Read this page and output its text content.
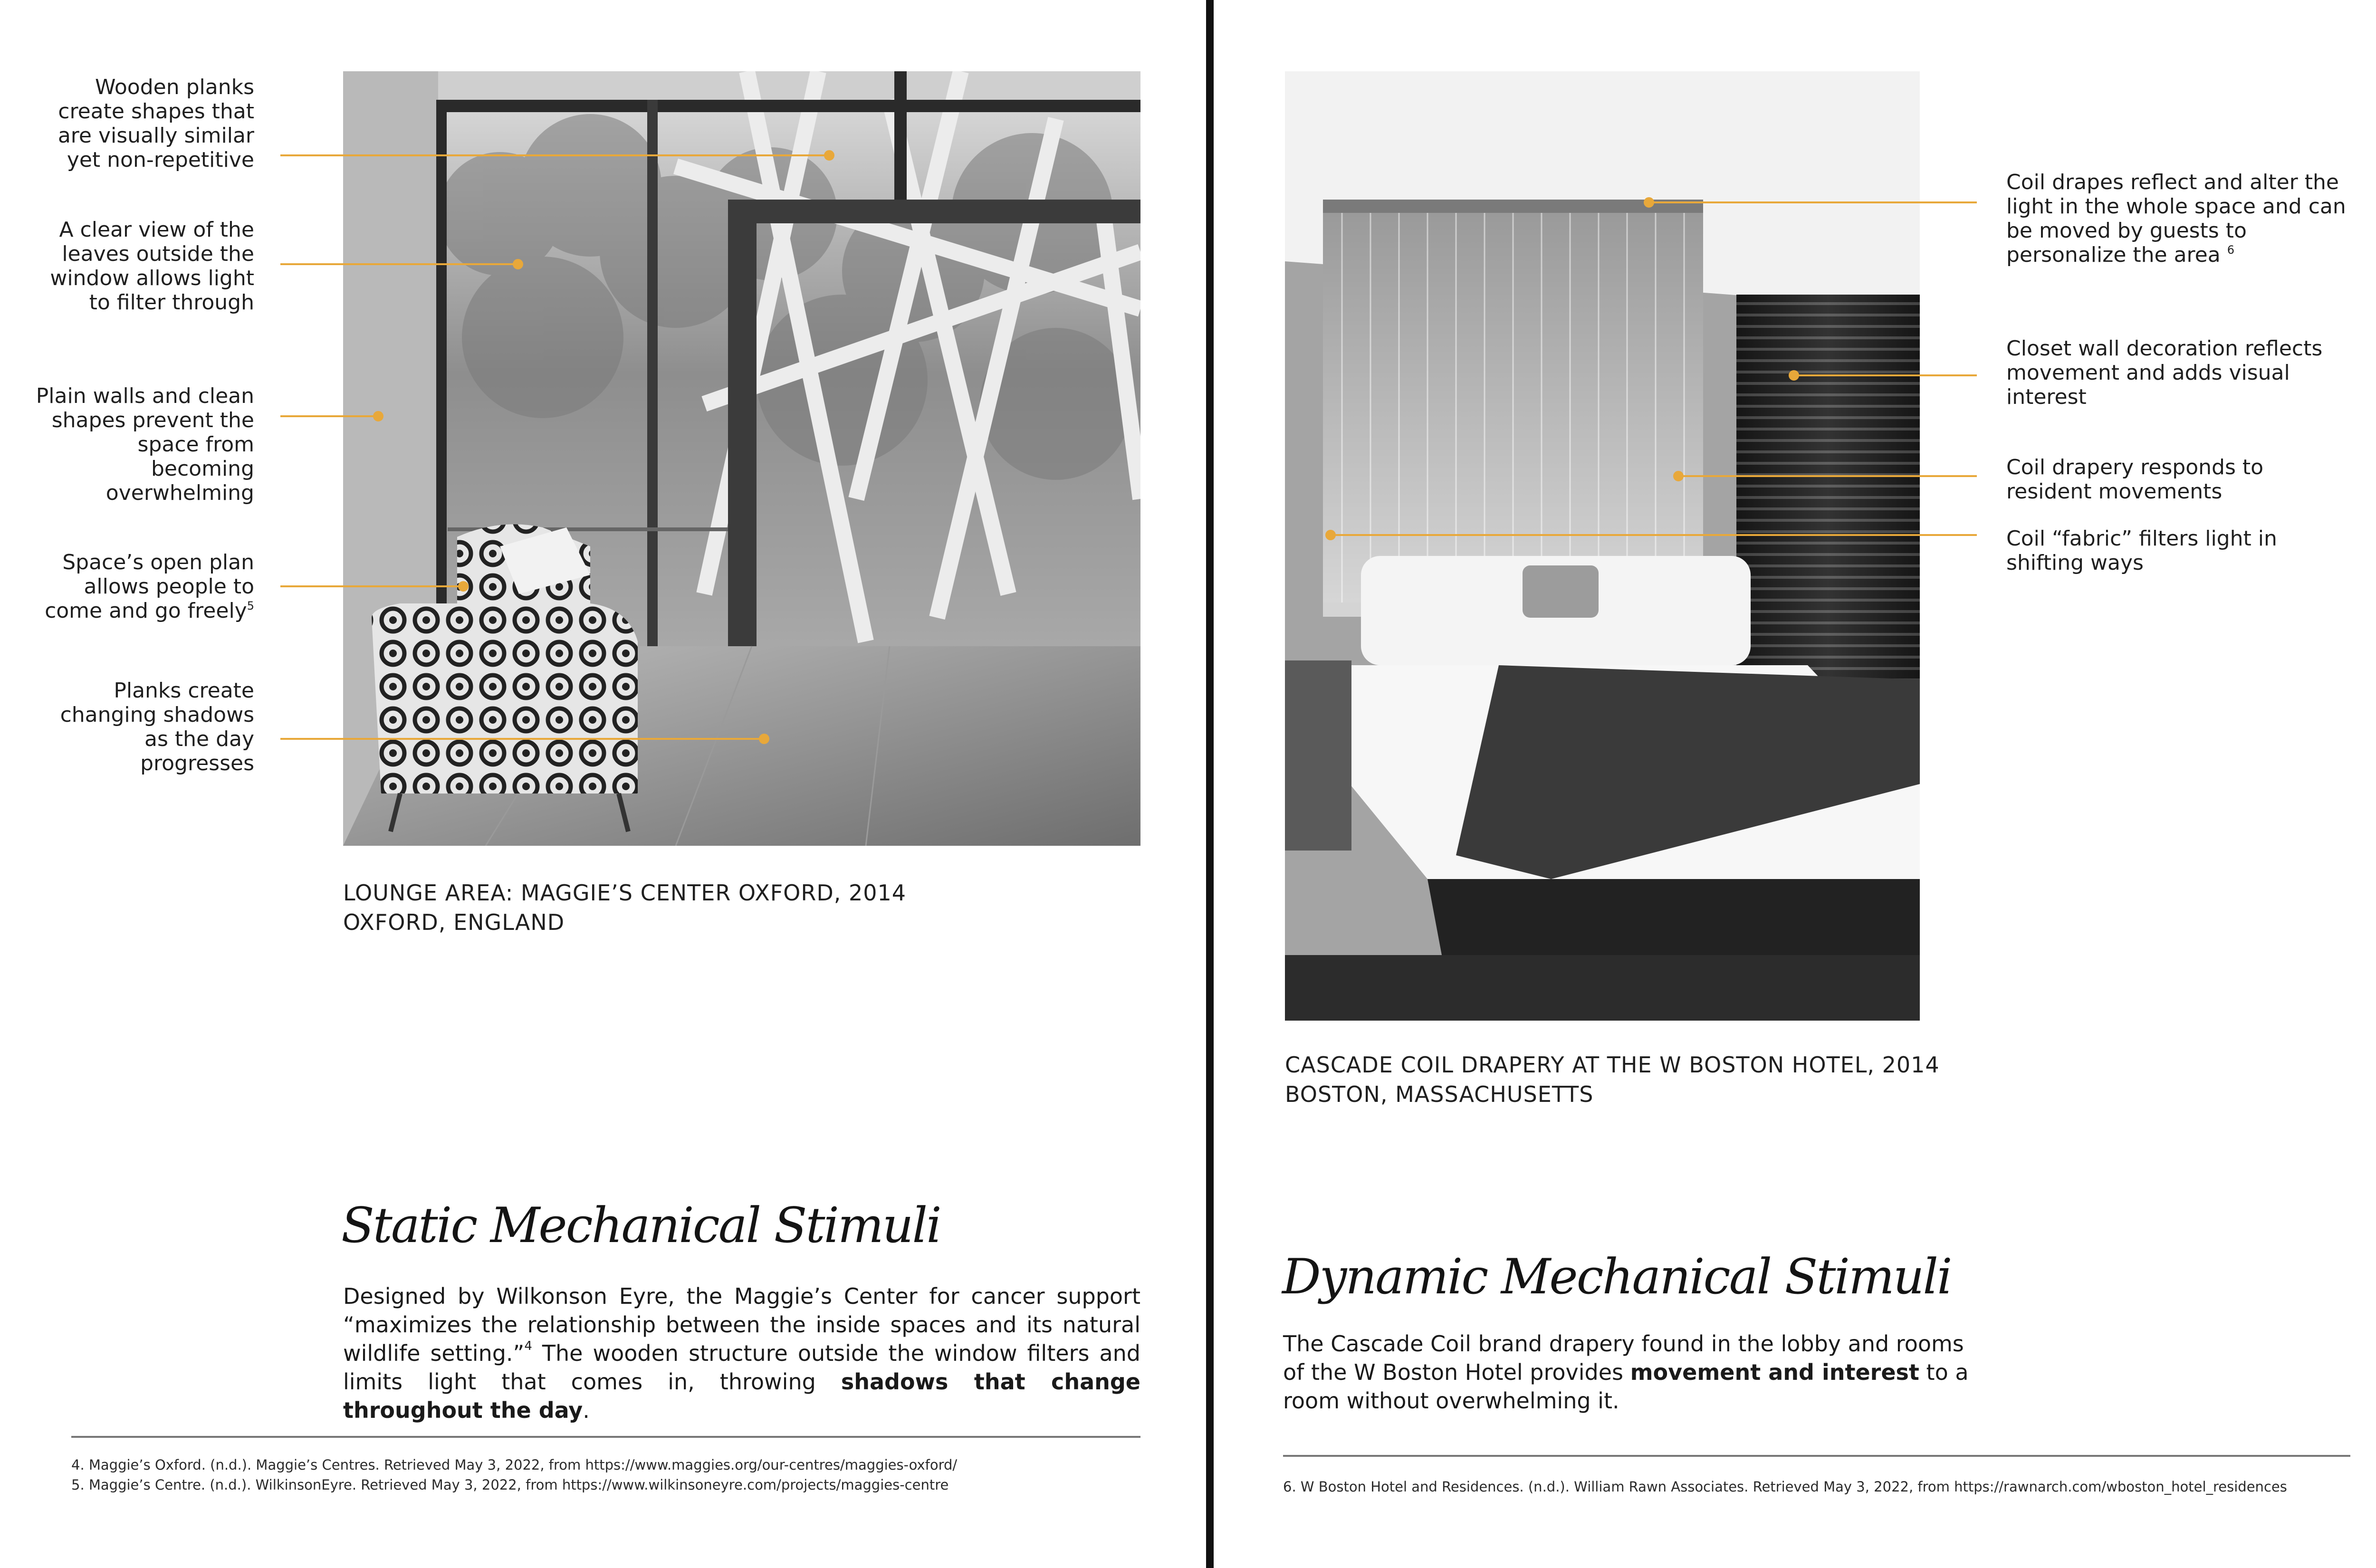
Wooden planks create shapes that are visually similar yet non-repetitive
A clear view of the leaves outside the window allows light to filter through
Plain walls and clean shapes prevent the space from becoming overwhelming
Space’s open plan allows people to come and go freely$^5$
Planks create changing shadows as the day progresses
LOUNGE AREA: MAGGIE’S CENTER OXFORD, 2014
OXFORD, ENGLAND
Static Mechanical Stimuli
Designed by Wilkonson Eyre, the Maggie’s Center for cancer support “maximizes the relationship between the inside spaces and its natural wildlife setting.”$^4$ The wooden structure outside the window filters and limits light that comes in, throwing shadows that change throughout the day.
4. Maggie’s Oxford. (n.d.). Maggie’s Centres. Retrieved May 3, 2022, from https://www.maggies.org/our-centres/maggies-oxford/
5. Maggie’s Centre. (n.d.). WilkinsonEyre. Retrieved May 3, 2022, from https://www.wilkinsoneyre.com/projects/maggies-centre
Coil drapes reflect and alter the light in the whole space and can be moved by guests to personalize the area $^6$
Closet wall decoration reflects movement and adds visual interest
Coil drapery responds to resident movements
Coil “fabric” filters light in shifting ways
CASCADE COIL DRAPERY AT THE W BOSTON HOTEL, 2014
BOSTON, MASSACHUSETTS
Dynamic Mechanical Stimuli
The Cascade Coil brand drapery found in the lobby and rooms of the W Boston Hotel provides movement and interest to a room without overwhelming it.
6. W Boston Hotel and Residences. (n.d.). William Rawn Associates. Retrieved May 3, 2022, from https://rawnarch.com/wboston_hotel_residences
